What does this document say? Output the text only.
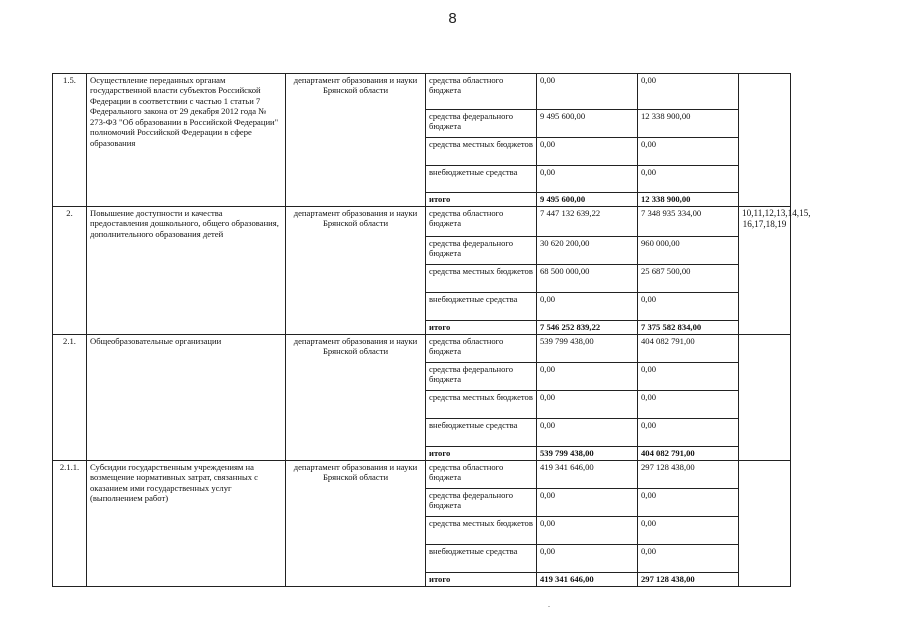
8
1.5.	Осуществление переданных органам государственной власти субъектов Российской Федерации в соответствии с частью 1 статьи 7 Федерального закона от 29 декабря 2012 года № 273-ФЗ "Об образовании в Российской Федерации" полномочий Российской Федерации в сфере образования	департамент образования и науки Брянской области	средства областного бюджета	0,00	0,00	
			средства федерального бюджета	9 495 600,00	12 338 900,00	
			средства местных бюджетов	0,00	0,00	
			внебюджетные средства	0,00	0,00	
			итого	9 495 600,00	12 338 900,00	
2.	Повышение доступности и качества предоставления дошкольного, общего образования, дополнительного образования детей	департамент образования и науки Брянской области	средства областного бюджета	7 447 132 639,22	7 348 935 334,00	10,11,12,13,14,15, 16,17,18,19
			средства федерального бюджета	30 620 200,00	960 000,00	
			средства местных бюджетов	68 500 000,00	25 687 500,00	
			внебюджетные средства	0,00	0,00	
			итого	7 546 252 839,22	7 375 582 834,00	
2.1.	Общеобразовательные организации	департамент образования и науки Брянской области	средства областного бюджета	539 799 438,00	404 082 791,00	
			средства федерального бюджета	0,00	0,00	
			средства местных бюджетов	0,00	0,00	
			внебюджетные средства	0,00	0,00	
			итого	539 799 438,00	404 082 791,00	
2.1.1.	Субсидии государственным учреждениям на возмещение нормативных затрат, связанных с оказанием ими государственных услуг (выполнением работ)	департамент образования и науки Брянской области	средства областного бюджета	419 341 646,00	297 128 438,00	
			средства федерального бюджета	0,00	0,00	
			средства местных бюджетов	0,00	0,00	
			внебюджетные средства	0,00	0,00	
			итого	419 341 646,00	297 128 438,00	
